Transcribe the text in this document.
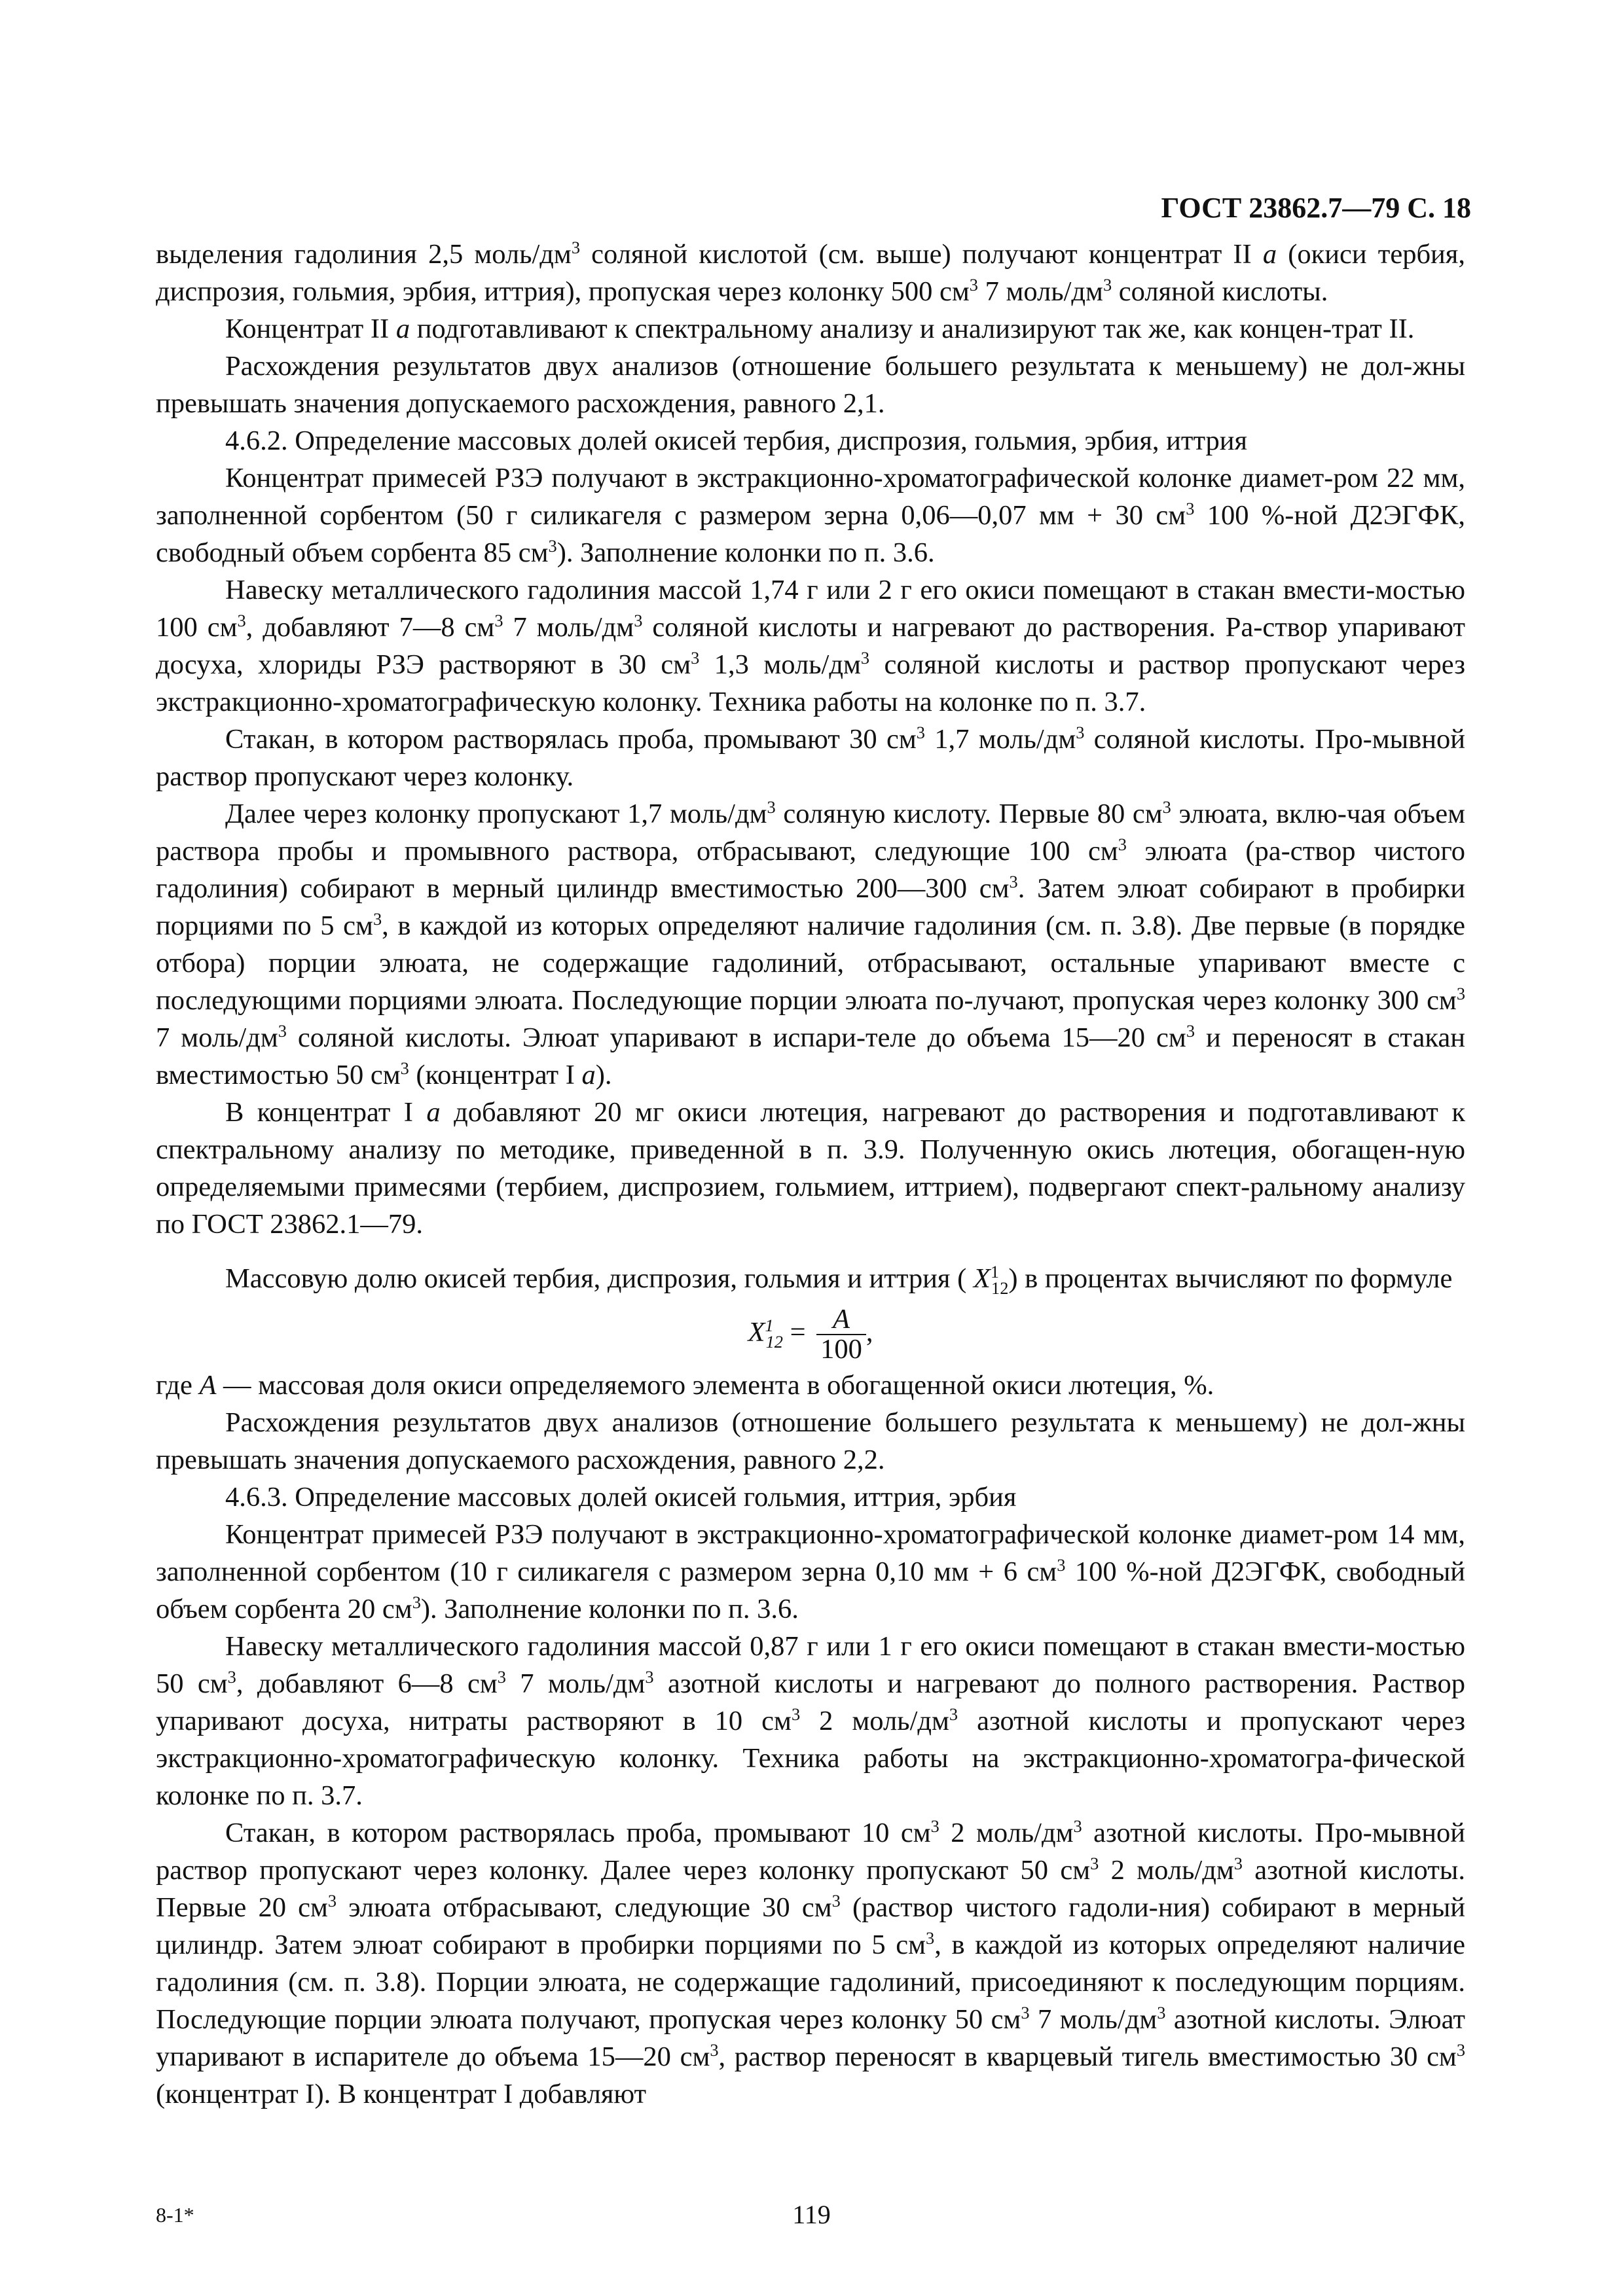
ГОСТ 23862.7—79 С. 18

выделения гадолиния 2,5 моль/$дм^3$ соляной кислотой (см. выше) получают концентрат II а (окиси тербия, диспрозия, гольмия, эрбия, иттрия), пропуская через колонку 500 $см^3$ 7 моль/$дм^3$ соляной кислоты.

Концентрат II а подготавливают к спектральному анализу и анализируют так же, как концен-трат II.

Расхождения результатов двух анализов (отношение большего результата к меньшему) не дол-жны превышать значения допускаемого расхождения, равного 2,1.

4.6.2. Определение массовых долей окисей тербия, диспрозия, гольмия, эрбия, иттрия

Концентрат примесей РЗЭ получают в экстракционно-хроматографической колонке диамет-ром 22 мм, заполненной сорбентом (50 г силикагеля с размером зерна 0,06—0,07 мм + 30 $см^3$ 100 %-ной Д2ЭГФК, свободный объем сорбента 85 $см^3$). Заполнение колонки по п. 3.6.

Навеску металлического гадолиния массой 1,74 г или 2 г его окиси помещают в стакан вмести-мостью 100 $см^3$, добавляют 7—8 $см^3$ 7 моль/$дм^3$ соляной кислоты и нагревают до растворения. Ра-створ упаривают досуха, хлориды РЗЭ растворяют в 30 $см^3$ 1,3 моль/$дм^3$ соляной кислоты и раствор пропускают через экстракционно-хроматографическую колонку. Техника работы на колонке по п. 3.7.

Стакан, в котором растворялась проба, промывают 30 $см^3$ 1,7 моль/$дм^3$ соляной кислоты. Про-мывной раствор пропускают через колонку.

Далее через колонку пропускают 1,7 моль/$дм^3$ соляную кислоту. Первые 80 $см^3$ элюата, вклю-чая объем раствора пробы и промывного раствора, отбрасывают, следующие 100 $см^3$ элюата (ра-створ чистого гадолиния) собирают в мерный цилиндр вместимостью 200—300 $см^3$. Затем элюат собирают в пробирки порциями по 5 $см^3$, в каждой из которых определяют наличие гадолиния (см. п. 3.8). Две первые (в порядке отбора) порции элюата, не содержащие гадолиний, отбрасывают, остальные упаривают вместе с последующими порциями элюата. Последующие порции элюата по-лучают, пропуская через колонку 300 $см^3$ 7 моль/$дм^3$ соляной кислоты. Элюат упаривают в испари-теле до объема 15—20 $см^3$ и переносят в стакан вместимостью 50 $см^3$ (концентрат I а).

В концентрат I а добавляют 20 мг окиси лютеция, нагревают до растворения и подготавливают к спектральному анализу по методике, приведенной в п. 3.9. Полученную окись лютеция, обогащен-ную определяемыми примесями (тербием, диспрозием, гольмием, иттрием), подвергают спект-ральному анализу по ГОСТ 23862.1—79.

Массовую долю окисей тербия, диспрозия, гольмия и иттрия ( $X^1_{12}$) в процентах вычисляют по формуле

$X^1_{12} = \frac{А}{100}$ ,

где А — массовая доля окиси определяемого элемента в обогащенной окиси лютеция, %.

Расхождения результатов двух анализов (отношение большего результата к меньшему) не дол-жны превышать значения допускаемого расхождения, равного 2,2.

4.6.3. Определение массовых долей окисей гольмия, иттрия, эрбия

Концентрат примесей РЗЭ получают в экстракционно-хроматографической колонке диамет-ром 14 мм, заполненной сорбентом (10 г силикагеля с размером зерна 0,10 мм + 6 $см^3$ 100 %-ной Д2ЭГФК, свободный объем сорбента 20 $см^3$). Заполнение колонки по п. 3.6.

Навеску металлического гадолиния массой 0,87 г или 1 г его окиси помещают в стакан вмести-мостью 50 $см^3$, добавляют 6—8 $см^3$ 7 моль/$дм^3$ азотной кислоты и нагревают до полного растворения. Раствор упаривают досуха, нитраты растворяют в 10 $см^3$ 2 моль/$дм^3$ азотной кислоты и пропускают через экстракционно-хроматографическую колонку. Техника работы на экстракционно-хроматогра-фической колонке по п. 3.7.

Стакан, в котором растворялась проба, промывают 10 $см^3$ 2 моль/$дм^3$ азотной кислоты. Про-мывной раствор пропускают через колонку. Далее через колонку пропускают 50 $см^3$ 2 моль/$дм^3$ азотной кислоты. Первые 20 $см^3$ элюата отбрасывают, следующие 30 $см^3$ (раствор чистого гадоли-ния) собирают в мерный цилиндр. Затем элюат собирают в пробирки порциями по 5 $см^3$, в каждой из которых определяют наличие гадолиния (см. п. 3.8). Порции элюата, не содержащие гадолиний, присоединяют к последующим порциям. Последующие порции элюата получают, пропуская через колонку 50 $см^3$ 7 моль/$дм^3$ азотной кислоты. Элюат упаривают в испарителе до объема 15—20 $см^3$, раствор переносят в кварцевый тигель вместимостью 30 $см^3$ (концентрат I). В концентрат I добавляют

8-1*	119
